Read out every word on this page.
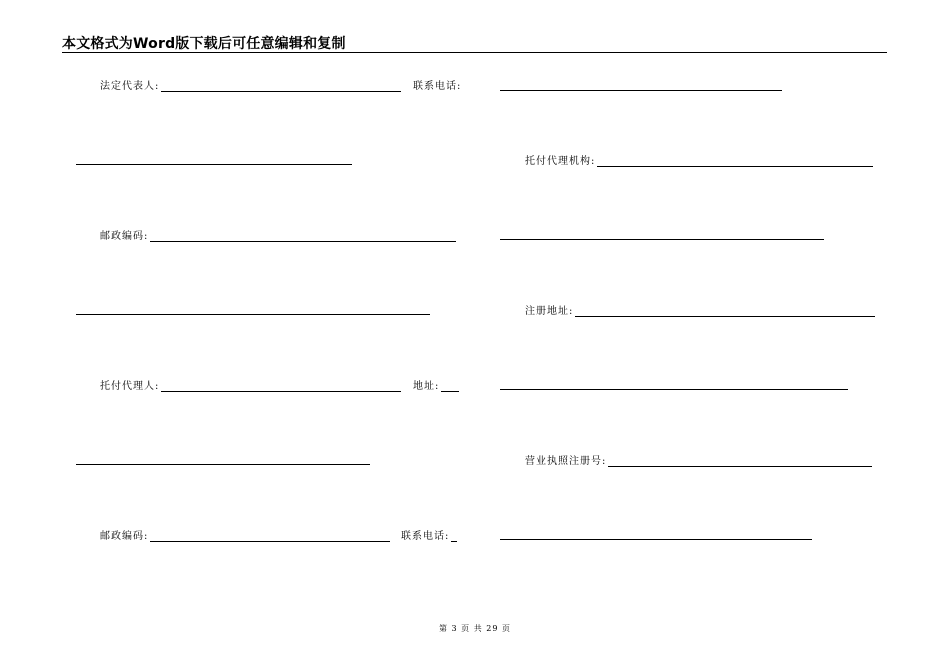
本文格式为Word版下载后可任意编辑和复制
法定代表人:	联系电话:
托付代理机构:
邮政编码:
注册地址:
托付代理人:	地址:
营业执照注册号:
邮政编码:	联系电话:
第 3 页 共 29 页
